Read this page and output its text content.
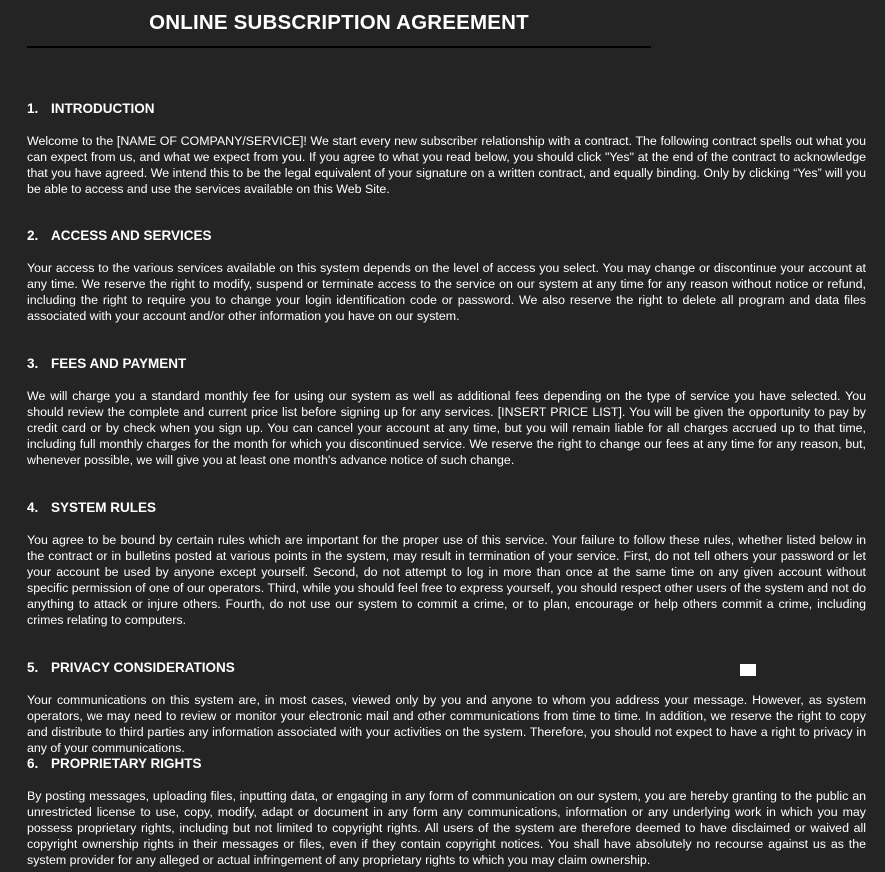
ONLINE SUBSCRIPTION AGREEMENT

1. INTRODUCTION

Welcome to the [NAME OF COMPANY/SERVICE]! We start every new subscriber relationship with a contract. The following contract spells out what you can expect from us, and what we expect from you. If you agree to what you read below, you should click "Yes" at the end of the contract to acknowledge that you have agreed. We intend this to be the legal equivalent of your signature on a written contract, and equally binding. Only by clicking “Yes” will you be able to access and use the services available on this Web Site.

2. ACCESS AND SERVICES

Your access to the various services available on this system depends on the level of access you select. You may change or discontinue your account at any time. We reserve the right to modify, suspend or terminate access to the service on our system at any time for any reason without notice or refund, including the right to require you to change your login identification code or password. We also reserve the right to delete all program and data files associated with your account and/or other information you have on our system.

3. FEES AND PAYMENT

We will charge you a standard monthly fee for using our system as well as additional fees depending on the type of service you have selected. You should review the complete and current price list before signing up for any services. [INSERT PRICE LIST]. You will be given the opportunity to pay by credit card or by check when you sign up. You can cancel your account at any time, but you will remain liable for all charges accrued up to that time, including full monthly charges for the month for which you discontinued service. We reserve the right to change our fees at any time for any reason, but, whenever possible, we will give you at least one month's advance notice of such change.

4. SYSTEM RULES

You agree to be bound by certain rules which are important for the proper use of this service. Your failure to follow these rules, whether listed below in the contract or in bulletins posted at various points in the system, may result in termination of your service. First, do not tell others your password or let your account be used by anyone except yourself. Second, do not attempt to log in more than once at the same time on any given account without specific permission of one of our operators. Third, while you should feel free to express yourself, you should respect other users of the system and not do anything to attack or injure others. Fourth, do not use our system to commit a crime, or to plan, encourage or help others commit a crime, including crimes relating to computers.

5. PRIVACY CONSIDERATIONS

Your communications on this system are, in most cases, viewed only by you and anyone to whom you address your message. However, as system operators, we may need to review or monitor your electronic mail and other communications from time to time. In addition, we reserve the right to copy and distribute to third parties any information associated with your activities on the system. Therefore, you should not expect to have a right to privacy in any of your communications.

6. PROPRIETARY RIGHTS

By posting messages, uploading files, inputting data, or engaging in any form of communication on our system, you are hereby granting to the public an unrestricted license to use, copy, modify, adapt or document in any form any communications, information or any underlying work in which you may possess proprietary rights, including but not limited to copyright rights. All users of the system are therefore deemed to have disclaimed or waived all copyright ownership rights in their messages or files, even if they contain copyright notices. You shall have absolutely no recourse against us as the system provider for any alleged or actual infringement of any proprietary rights to which you may claim ownership.
